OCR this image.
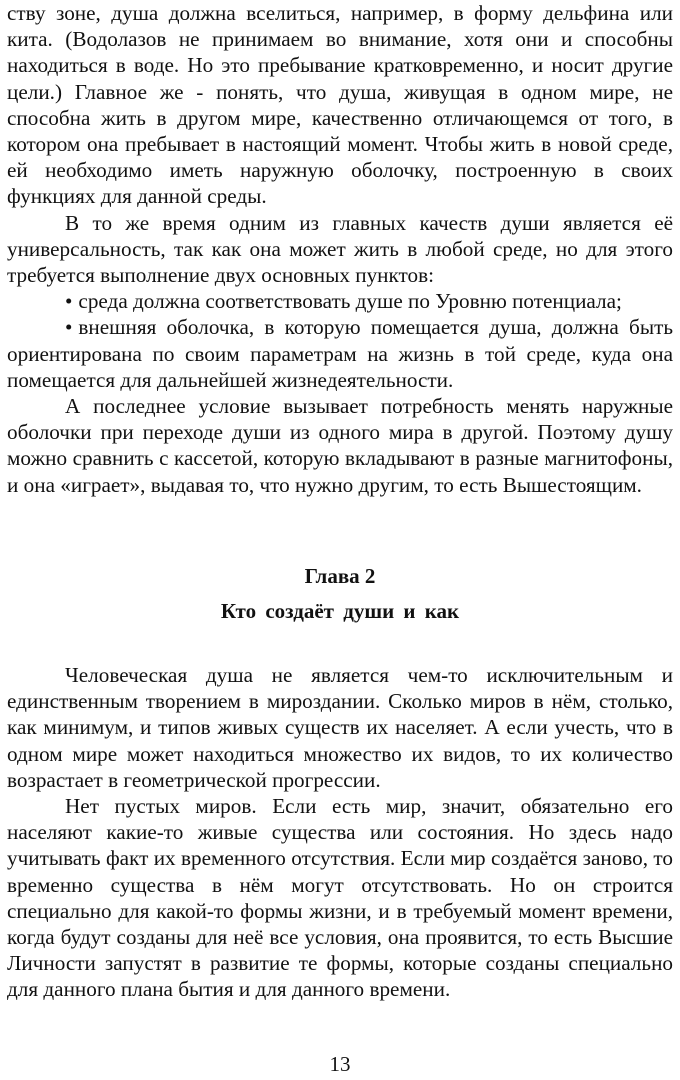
ству зоне, душа должна вселиться, например, в форму дельфина или кита. (Водолазов не принимаем во внимание, хотя они и способны находиться в воде. Но это пребывание кратковременно, и носит другие цели.) Главное же - понять, что душа, живущая в одном мире, не способна жить в другом мире, качественно отличающемся от того, в котором она пребывает в настоящий момент. Чтобы жить в новой среде, ей необходимо иметь наружную оболочку, построенную в своих функциях для данной среды.

В то же время одним из главных качеств души является её универсальность, так как она может жить в любой среде, но для этого требуется выполнение двух основных пунктов:

• среда должна соответствовать душе по Уровню потенциала;

• внешняя оболочка, в которую помещается душа, должна быть ориентирована по своим параметрам на жизнь в той среде, куда она помещается для дальнейшей жизнедеятельности.

А последнее условие вызывает потребность менять наружные оболочки при переходе души из одного мира в другой. Поэтому душу можно сравнить с кассетой, которую вкладывают в разные магнитофоны, и она «играет», выдавая то, что нужно другим, то есть Вышестоящим.

Человеческая душа не является чем-то исключительным и единственным творением в мироздании. Сколько миров в нём, столько, как минимум, и типов живых существ их населяет. А если учесть, что в одном мире может находиться множество их видов, то их количество возрастает в геометрической прогрессии.

Нет пустых миров. Если есть мир, значит, обязательно его населяют какие-то живые существа или состояния. Но здесь надо учитывать факт их временного отсутствия. Если мир создаётся заново, то временно существа в нём могут отсутствовать. Но он строится специально для какой-то формы жизни, и в требуемый момент времени, когда будут созданы для неё все условия, она проявится, то есть Высшие Личности запустят в развитие те формы, которые созданы специально для данного плана бытия и для данного времени.

Глава 2
Кто создаёт души и как
13
